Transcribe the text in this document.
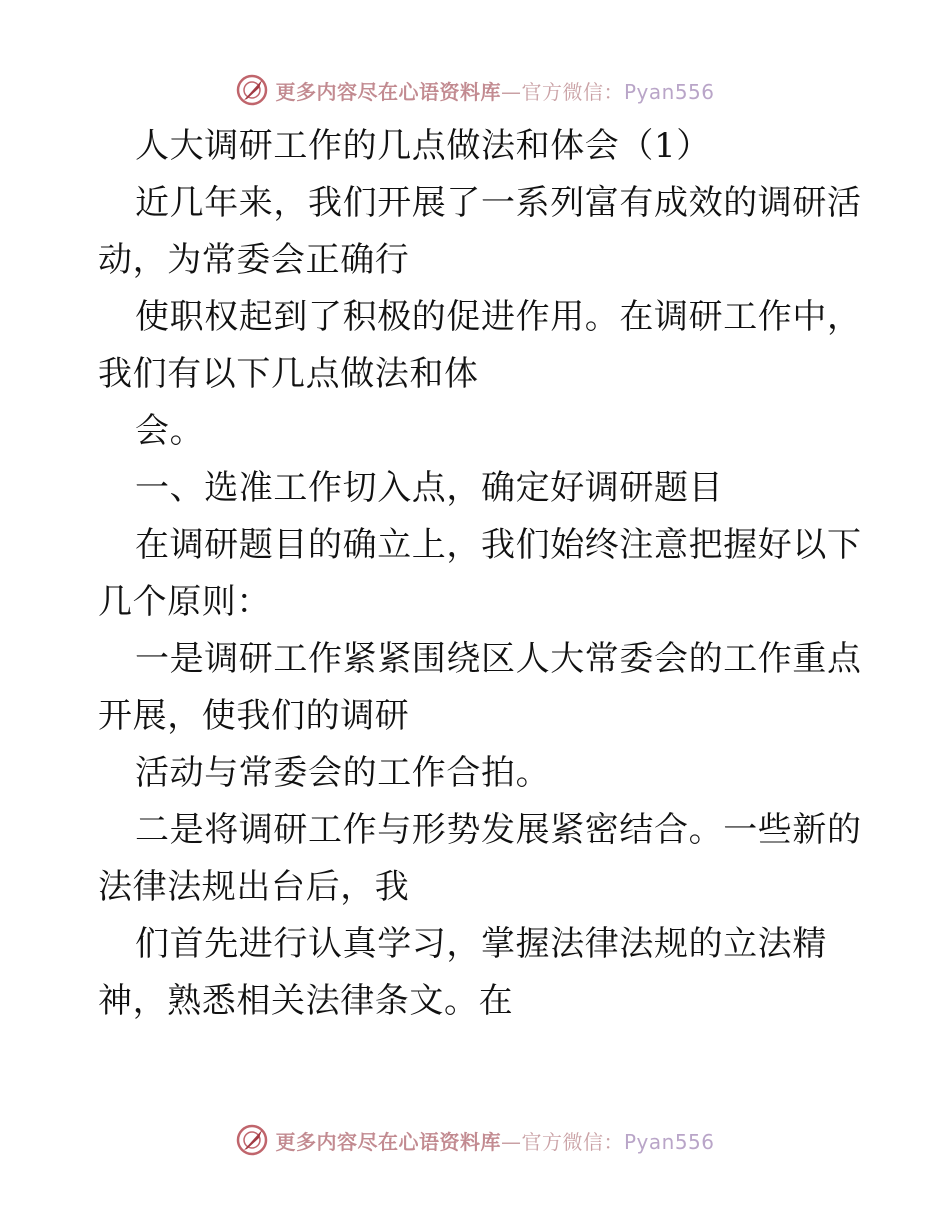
更多内容尽在心语资料库—官方微信：Pyan556
人大调研工作的几点做法和体会（1）
近几年来，我们开展了一系列富有成效的调研活
动，为常委会正确行
使职权起到了积极的促进作用。在调研工作中，
我们有以下几点做法和体
会。
一、选准工作切入点，确定好调研题目
在调研题目的确立上，我们始终注意把握好以下
几个原则：
一是调研工作紧紧围绕区人大常委会的工作重点
开展，使我们的调研
活动与常委会的工作合拍。
二是将调研工作与形势发展紧密结合。一些新的
法律法规出台后，我
们首先进行认真学习，掌握法律法规的立法精
神，熟悉相关法律条文。在
更多内容尽在心语资料库—官方微信：Pyan556
